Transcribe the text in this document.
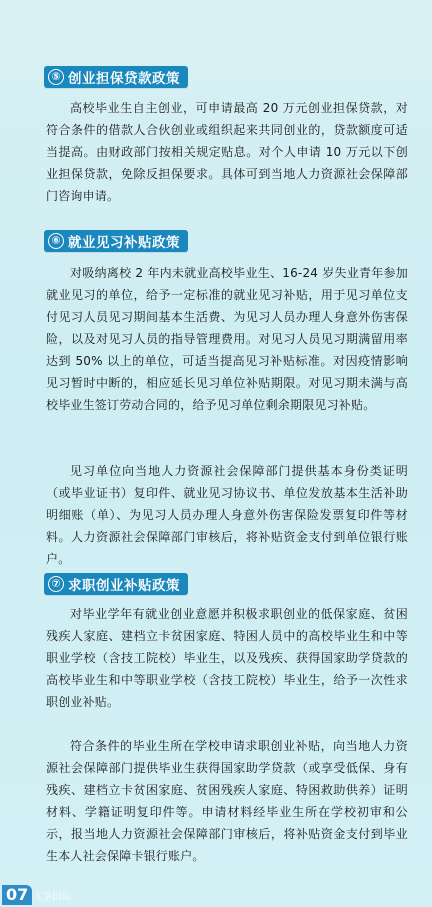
⑤ 创业担保贷款政策

高校毕业生自主创业，可申请最高 20 万元创业担保贷款，对符合条件的借款人合伙创业或组织起来共同创业的，贷款额度可适当提高。由财政部门按相关规定贴息。对个人申请 10 万元以下创业担保贷款，免除反担保要求。具体可到当地人力资源社会保障部门咨询申请。

⑥ 就业见习补贴政策

对吸纳离校 2 年内未就业高校毕业生、16-24 岁失业青年参加就业见习的单位，给予一定标准的就业见习补贴，用于见习单位支付见习人员见习期间基本生活费、为见习人员办理人身意外伤害保险，以及对见习人员的指导管理费用。对见习人员见习期满留用率达到 50% 以上的单位，可适当提高见习补贴标准。对因疫情影响见习暂时中断的，相应延长见习单位补贴期限。对见习期未满与高校毕业生签订劳动合同的，给予见习单位剩余期限见习补贴。

见习单位向当地人力资源社会保障部门提供基本身份类证明（或毕业证书）复印件、就业见习协议书、单位发放基本生活补助明细账（单）、为见习人员办理人身意外伤害保险发票复印件等材料。人力资源社会保障部门审核后，将补贴资金支付到单位银行账户。

⑦ 求职创业补贴政策

对毕业学年有就业创业意愿并积极求职创业的低保家庭、贫困残疾人家庭、建档立卡贫困家庭、特困人员中的高校毕业生和中等职业学校（含技工院校）毕业生，以及残疾、获得国家助学贷款的高校毕业生和中等职业学校（含技工院校）毕业生，给予一次性求职创业补贴。

符合条件的毕业生所在学校申请求职创业补贴，向当地人力资源社会保障部门提供毕业生获得国家助学贷款（或享受低保、身有残疾、建档立卡贫困家庭、贫困残疾人家庭、特困救助供养）证明材料、学籍证明复印件等。申请材料经毕业生所在学校初审和公示，报当地人力资源社会保障部门审核后，将补贴资金支付到毕业生本人社会保障卡银行账户。

07 飞享国际
